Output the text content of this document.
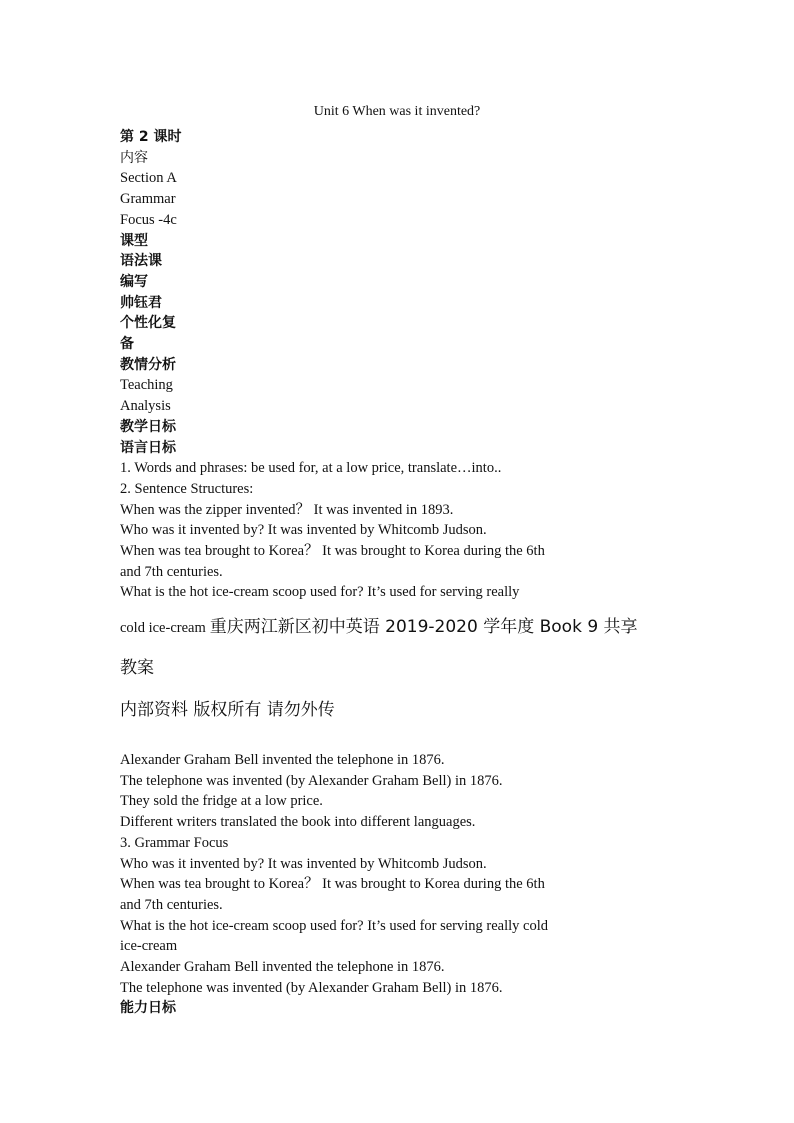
Unit 6 When was it invented?
第 2 课时
内容
Section A
Grammar
Focus -4c
课型
语法课
编写
帅钰君
个性化复
备
教情分析
Teaching
Analysis
教学日标
语言日标
1. Words and phrases: be used for, at a low price, translate…into..
2. Sentence Structures:
When was the zipper invented？ It was invented in 1893.
Who was it invented by? It was invented by Whitcomb Judson.
When was tea brought to Korea？ It was brought to Korea during the 6th
and 7th centuries.
What is the hot ice-cream scoop used for? It’s used for serving really
cold ice-cream 重庆两江新区初中英语 2019-2020 学年度 Book 9 共享
教案
内部资料 版权所有 请勿外传
Alexander Graham Bell invented the telephone in 1876.
The telephone was invented (by Alexander Graham Bell) in 1876.
They sold the fridge at a low price.
Different writers translated the book into different languages.
3. Grammar Focus
Who was it invented by? It was invented by Whitcomb Judson.
When was tea brought to Korea？ It was brought to Korea during the 6th
and 7th centuries.
What is the hot ice-cream scoop used for? It’s used for serving really cold
ice-cream
Alexander Graham Bell invented the telephone in 1876.
The telephone was invented (by Alexander Graham Bell) in 1876.
能力日标
